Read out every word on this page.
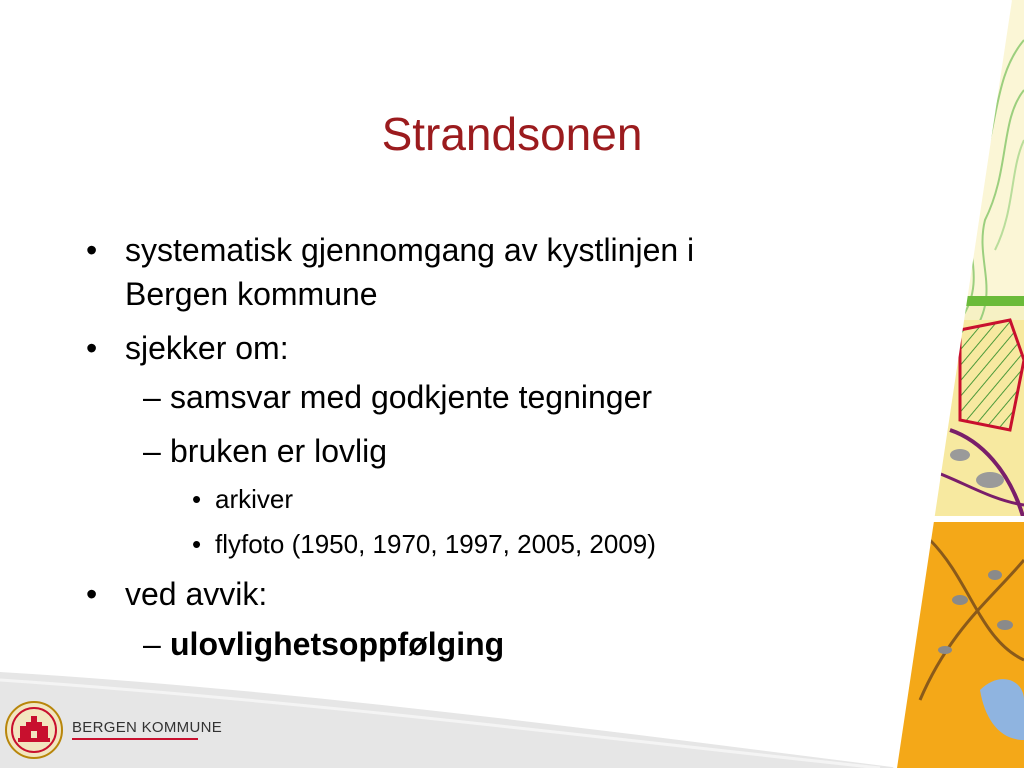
Strandsonen
• systematisk gjennomgang av kystlinjen i
Bergen kommune
• sjekker om:
– samsvar med godkjente tegninger
– bruken er lovlig
• arkiver
• flyfoto (1950, 1970, 1997, 2005, 2009)
• ved avvik:
– ulovlighetsoppfølging
BERGEN KOMMUNE
